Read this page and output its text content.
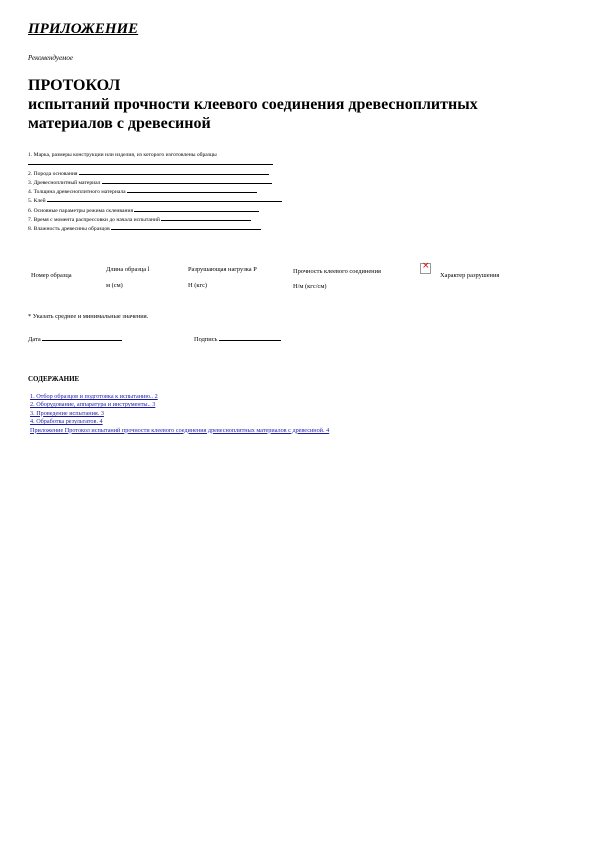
ПРИЛОЖЕНИЕ
Рекомендуемое
ПРОТОКОЛ
испытаний прочности клеевого соединения древесноплитных
материалов с древесиной
1. Марка, размеры конструкции или изделия, из которого изготовлены образцы
2. Порода основания
3. Древесноплитный материал
4. Толщина древесноплитного материала
5. Клей
6. Основные параметры режима склеивания
7. Время с момента распрессовки до начала испытаний
8. Влажность древесины образцов
Номер образца
Длина образца l
м (см)
Разрушающая нагрузка P
Н (кгс)
Прочность клеевого соединения
×
Н/м (кгс/см)
Характер разрушения
* Указать среднее и минимальные значения.
Дата	Подпись
СОДЕРЖАНИЕ
1. Отбор образцов и подготовка к испытанию.. 2
2. Оборудование, аппаратура и инструменты.. 3
3. Проведение испытания. 3
4. Обработка результатов. 4
Приложение Протокол испытаний прочности клеевого соединения древесноплитных материалов с древесиной. 4
